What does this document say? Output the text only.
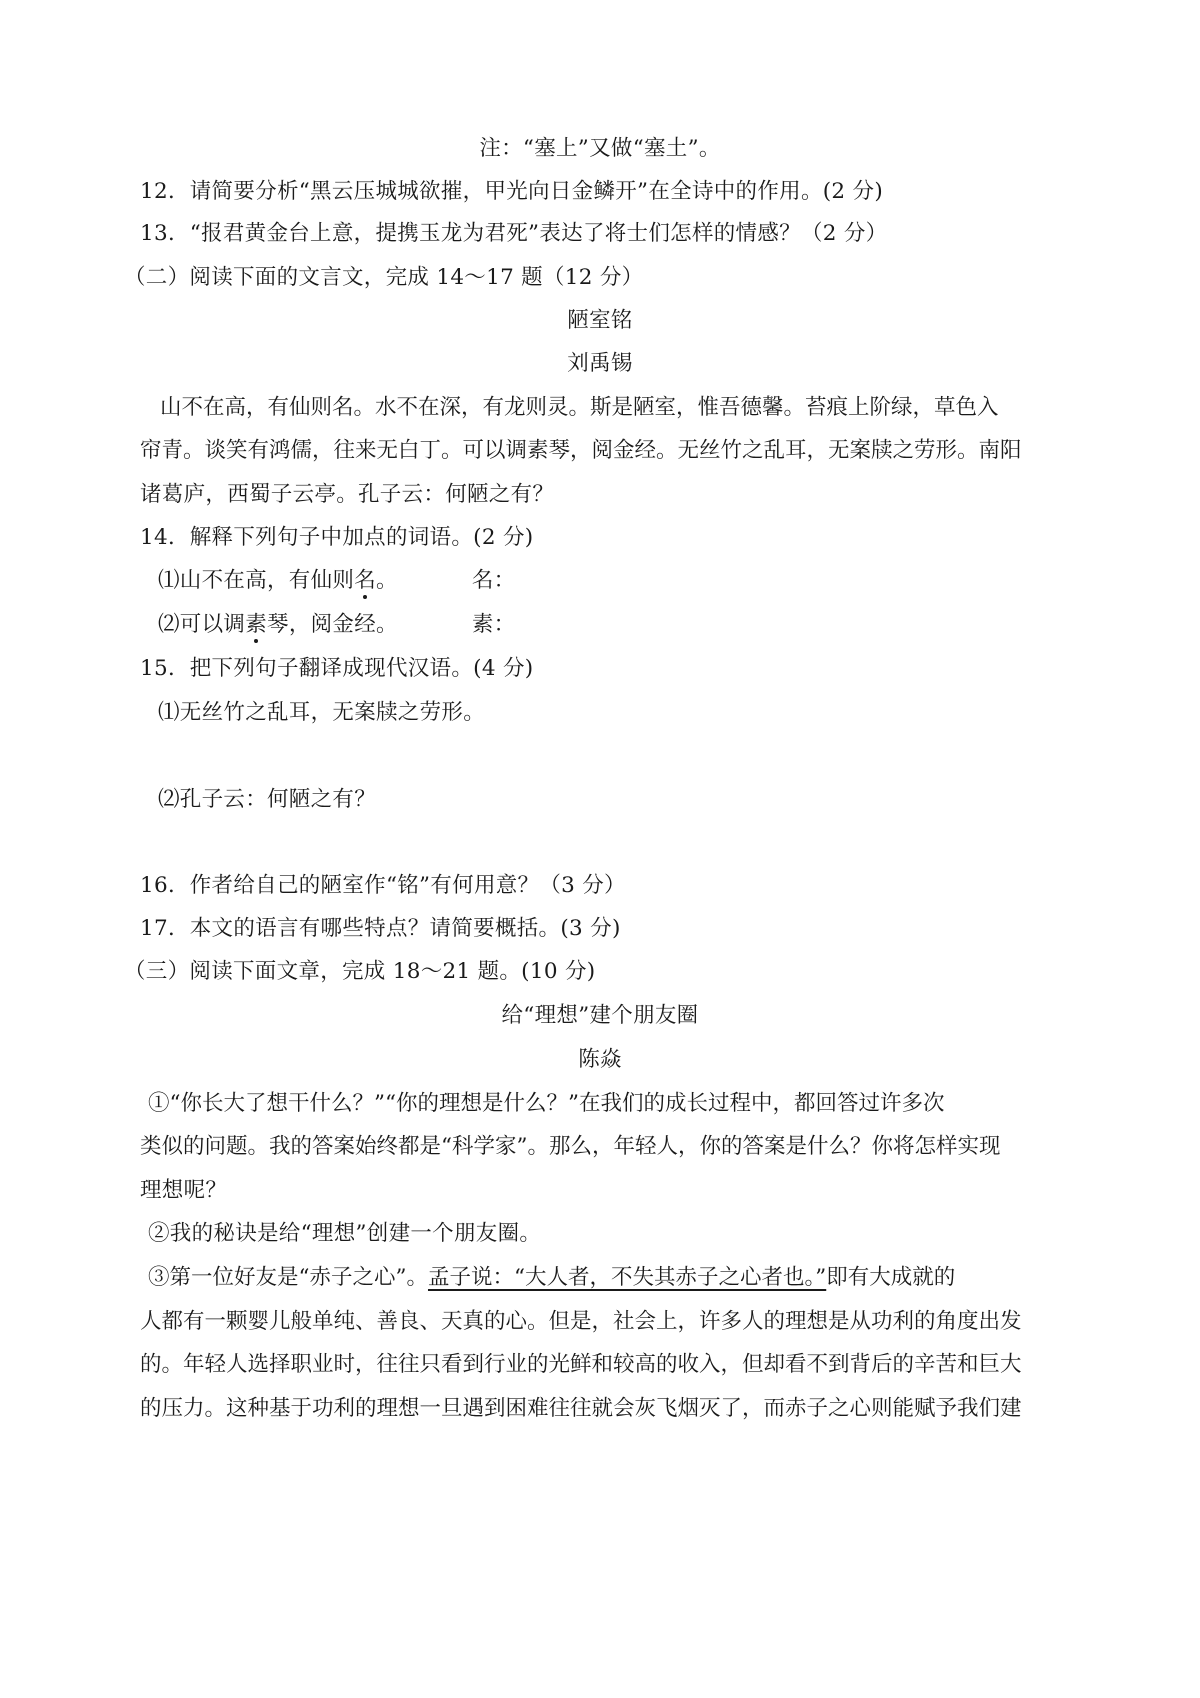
注：“塞上”又做“塞土”。
12．请简要分析“黑云压城城欲摧，甲光向日金鳞开”在全诗中的作用。(2 分)
13．“报君黄金台上意，提携玉龙为君死”表达了将士们怎样的情感？（2 分）
（二）阅读下面的文言文，完成 14～17 题（12 分）
陋室铭
刘禹锡
山不在高，有仙则名。水不在深，有龙则灵。斯是陋室，惟吾德馨。苔痕上阶绿，草色入
帘青。谈笑有鸿儒，往来无白丁。可以调素琴，阅金经。无丝竹之乱耳，无案牍之劳形。南阳
诸葛庐，西蜀子云亭。孔子云：何陋之有？
14．解释下列句子中加点的词语。(2 分)
⑴山不在高，有仙则名。	名：
⑵可以调素琴，阅金经。	素：
15．把下列句子翻译成现代汉语。(4 分)
⑴无丝竹之乱耳，无案牍之劳形。
⑵孔子云：何陋之有？
16．作者给自己的陋室作“铭”有何用意？（3 分）
17．本文的语言有哪些特点？请简要概括。(3 分)
（三）阅读下面文章，完成 18～21 题。(10 分)
给“理想”建个朋友圈
陈焱
①“你长大了想干什么？”“你的理想是什么？”在我们的成长过程中，都回答过许多次
类似的问题。我的答案始终都是“科学家”。那么，年轻人，你的答案是什么？你将怎样实现
理想呢？
②我的秘诀是给“理想”创建一个朋友圈。
③第一位好友是“赤子之心”。孟子说：“大人者，不失其赤子之心者也。”即有大成就的
人都有一颗婴儿般单纯、善良、天真的心。但是，社会上，许多人的理想是从功利的角度出发
的。年轻人选择职业时，往往只看到行业的光鲜和较高的收入，但却看不到背后的辛苦和巨大
的压力。这种基于功利的理想一旦遇到困难往往就会灰飞烟灭了，而赤子之心则能赋予我们建
